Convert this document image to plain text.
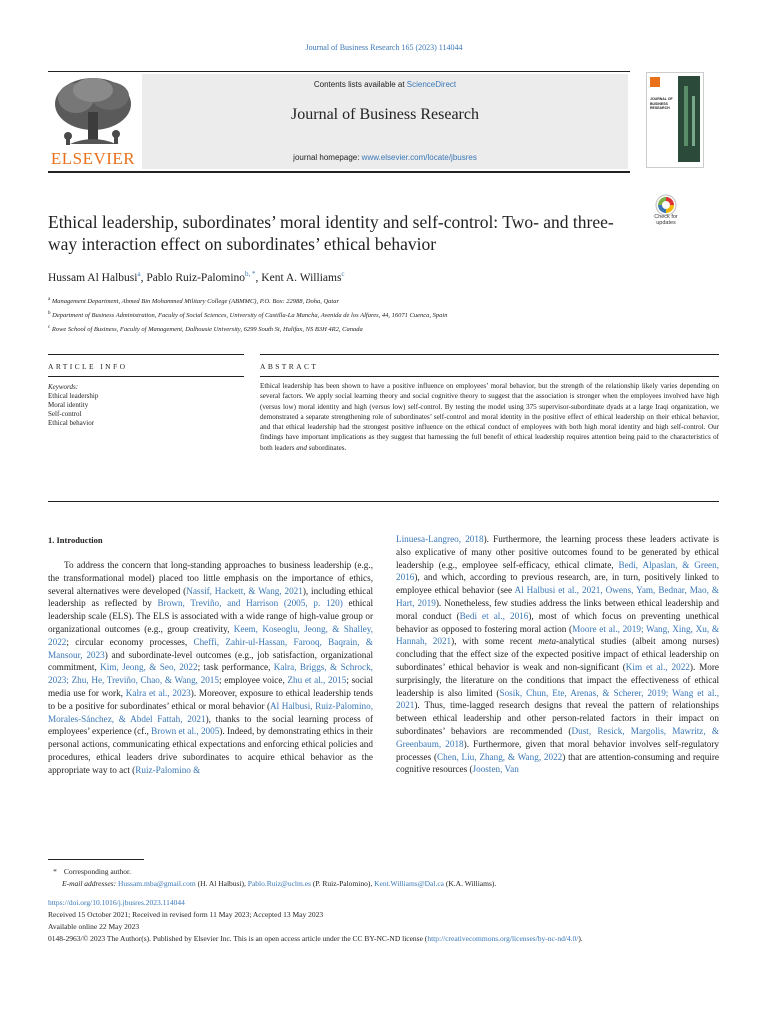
Journal of Business Research 165 (2023) 114044
ELSEVIER
Contents lists available at ScienceDirect
Journal of Business Research
journal homepage: www.elsevier.com/locate/jbusres
JOURNAL OF BUSINESS RESEARCH
Ethical leadership, subordinates’ moral identity and self-control: Two- and three-way interaction effect on subordinates’ ethical behavior
Check for updates
Hussam Al Halbusi$^a$, Pablo Ruiz-Palomino$^{b, *}$, Kent A. Williams$^c$
$^a$ Management Department, Ahmed Bin Mohammed Military College (ABMMC), P.O. Box: 22988, Doha, Qatar
$^b$ Department of Business Administration, Faculty of Social Sciences, University of Castilla-La Mancha, Avenida de los Alfares, 44, 16071 Cuenca, Spain
$^c$ Rowe School of Business, Faculty of Management, Dalhousie University, 6299 South St, Halifax, NS B3H 4R2, Canada
ARTICLE INFO	ABSTRACT
Keywords:
Ethical leadership
Moral identity
Self-control
Ethical behavior
Ethical leadership has been shown to have a positive influence on employees’ moral behavior, but the strength of the relationship likely varies depending on several factors. We apply social learning theory and social cognitive theory to suggest that the association is stronger when the employees involved have high (versus low) moral identity and high (versus low) self-control. By testing the model using 375 supervisor-subordinate dyads at a large Iraqi organization, we demonstrated a separate strengthening role of subordinates’ self-control and moral identity in the positive effect of ethical leadership on their ethical behavior, and that ethical leadership had the strongest positive influence on the ethical conduct of employees with both high moral identity and high self-control. Our findings have important implications as they suggest that harnessing the full benefit of ethical leadership requires attention being paid to the characteristics of both leaders and subordinates.
1. Introduction
To address the concern that long-standing approaches to business leadership (e.g., the transformational model) placed too little emphasis on the importance of ethics, several alternatives were developed (Nassif, Hackett, & Wang, 2021), including ethical leadership as reflected by Brown, Treviño, and Harrison (2005, p. 120) ethical leadership scale (ELS). The ELS is associated with a wide range of high-value group or organizational outcomes (e.g., group creativity, Keem, Koseoglu, Jeong, & Shalley, 2022; circular economy processes, Cheffi, Zahir-ul-Hassan, Farooq, Baqrain, & Mansour, 2023) and subordinate-level outcomes (e.g., job satisfaction, organizational commitment, Kim, Jeong, & Seo, 2022; task performance, Kalra, Briggs, & Schrock, 2023; Zhu, He, Treviño, Chao, & Wang, 2015; employee voice, Zhu et al., 2015; social media use for work, Kalra et al., 2023). Moreover, exposure to ethical leadership tends to be a positive for subordinates’ ethical or moral behavior (Al Halbusi, Ruiz-Palomino, Morales-Sánchez, & Abdel Fattah, 2021), thanks to the social learning process of employees’ experience (cf., Brown et al., 2005). Indeed, by demonstrating ethics in their personal actions, communicating ethical expectations and enforcing ethical policies and procedures, ethical leaders drive subordinates to acquire ethical behavior as the appropriate way to act (Ruiz-Palomino &
Linuesa-Langreo, 2018). Furthermore, the learning process these leaders activate is also explicative of many other positive outcomes found to be generated by ethical leadership (e.g., employee self-efficacy, ethical climate, Bedi, Alpaslan, & Green, 2016), and which, according to previous research, are, in turn, positively linked to employee ethical behavior (see Al Halbusi et al., 2021, Owens, Yam, Bednar, Mao, & Hart, 2019). Nonetheless, few studies address the links between ethical leadership and moral conduct (Bedi et al., 2016), most of which focus on preventing unethical behavior as opposed to fostering moral action (Moore et al., 2019; Wang, Xing, Xu, & Hannah, 2021), with some recent meta-analytical studies (albeit among nurses) concluding that the effect size of the expected positive impact of ethical leadership on subordinates’ ethical behavior is weak and non-significant (Kim et al., 2022). More surprisingly, the literature on the conditions that impact the effectiveness of ethical leadership is also limited (Sosik, Chun, Ete, Arenas, & Scherer, 2019; Wang et al., 2021). Thus, time-lagged research designs that reveal the pattern of relationships between ethical leadership and other person-related factors in their impact on subordinates’ behaviors are recommended (Dust, Resick, Margolis, Mawritz, & Greenbaum, 2018). Furthermore, given that moral behavior involves self-regulatory processes (Chen, Liu, Zhang, & Wang, 2022) that are attention-consuming and require cognitive resources (Joosten, Van
* Corresponding author.
E-mail addresses: Hussam.mba@gmail.com (H. Al Halbusi), Pablo.Ruiz@uclm.es (P. Ruiz-Palomino), Kent.Williams@Dal.ca (K.A. Williams).
https://doi.org/10.1016/j.jbusres.2023.114044
Received 15 October 2021; Received in revised form 11 May 2023; Accepted 13 May 2023
Available online 22 May 2023
0148-2963/© 2023 The Author(s). Published by Elsevier Inc. This is an open access article under the CC BY-NC-ND license (http://creativecommons.org/licenses/by-nc-nd/4.0/).
